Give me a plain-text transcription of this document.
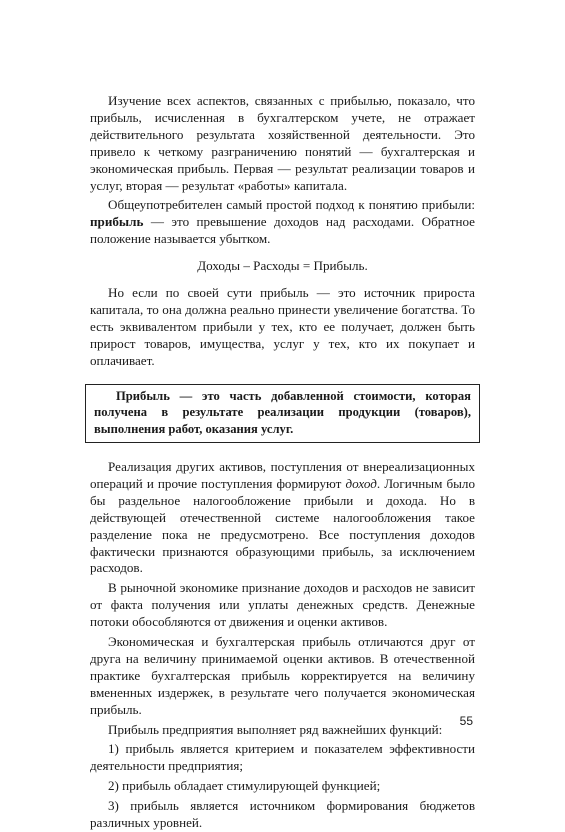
Изучение всех аспектов, связанных с прибылью, показало, что прибыль, исчисленная в бухгалтерском учете, не отражает действительного результата хозяйственной деятельности. Это привело к четкому разграничению понятий — бухгалтерская и экономическая прибыль. Первая — результат реализации товаров и услуг, вторая — результат «работы» капитала.

Общеупотребителен самый простой подход к понятию прибыли: прибыль — это превышение доходов над расходами. Обратное положение называется убытком.

Доходы – Расходы = Прибыль.

Но если по своей сути прибыль — это источник прироста капитала, то она должна реально принести увеличение богатства. То есть эквивалентом прибыли у тех, кто ее получает, должен быть прирост товаров, имущества, услуг у тех, кто их покупает и оплачивает.

Прибыль — это часть добавленной стоимости, которая получена в результате реализации продукции (товаров), выполнения работ, оказания услуг.

Реализация других активов, поступления от внереализационных операций и прочие поступления формируют доход. Логичным было бы раздельное налогообложение прибыли и дохода. Но в действующей отечественной системе налогообложения такое разделение пока не предусмотрено. Все поступления доходов фактически признаются образующими прибыль, за исключением расходов.

В рыночной экономике признание доходов и расходов не зависит от факта получения или уплаты денежных средств. Денежные потоки обособляются от движения и оценки активов.

Экономическая и бухгалтерская прибыль отличаются друг от друга на величину принимаемой оценки активов. В отечественной практике бухгалтерская прибыль корректируется на величину вмененных издержек, в результате чего получается экономическая прибыль.

Прибыль предприятия выполняет ряд важнейших функций:

1) прибыль является критерием и показателем эффективности деятельности предприятия;

2) прибыль обладает стимулирующей функцией;

3) прибыль является источником формирования бюджетов различных уровней.

55
